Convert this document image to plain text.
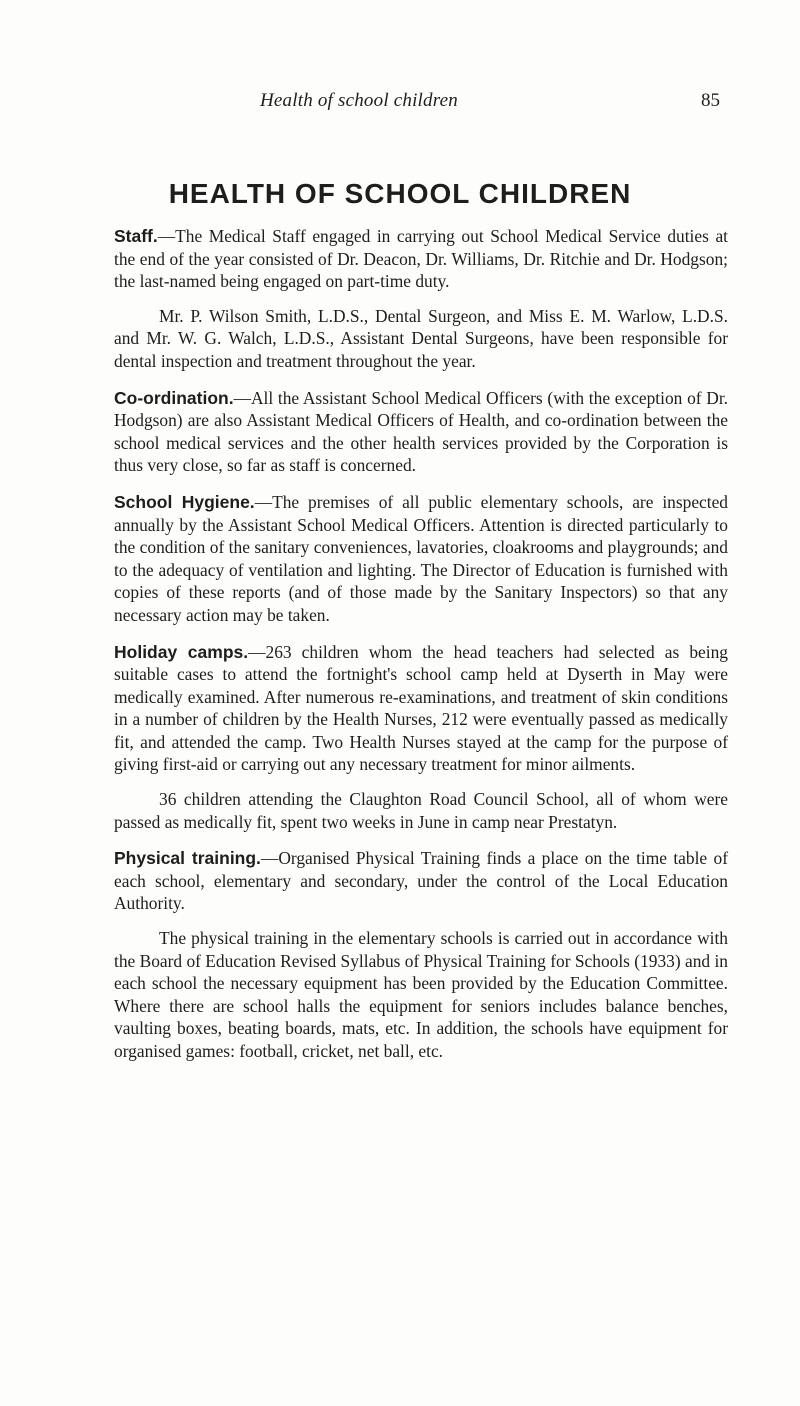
Health of school children	85
HEALTH OF SCHOOL CHILDREN

Staff.—The Medical Staff engaged in carrying out School Medical Service duties at the end of the year consisted of Dr. Deacon, Dr. Williams, Dr. Ritchie and Dr. Hodgson; the last-named being engaged on part-time duty.

Mr. P. Wilson Smith, L.D.S., Dental Surgeon, and Miss E. M. Warlow, L.D.S. and Mr. W. G. Walch, L.D.S., Assistant Dental Surgeons, have been responsible for dental inspection and treatment throughout the year.

Co-ordination.—All the Assistant School Medical Officers (with the exception of Dr. Hodgson) are also Assistant Medical Officers of Health, and co-ordination between the school medical services and the other health services provided by the Corporation is thus very close, so far as staff is concerned.

School Hygiene.—The premises of all public elementary schools, are inspected annually by the Assistant School Medical Officers. Attention is directed particularly to the condition of the sanitary conveniences, lavatories, cloakrooms and playgrounds; and to the adequacy of ventilation and lighting. The Director of Education is furnished with copies of these reports (and of those made by the Sanitary Inspectors) so that any necessary action may be taken.

Holiday camps.—263 children whom the head teachers had selected as being suitable cases to attend the fortnight's school camp held at Dyserth in May were medically examined. After numerous re-examinations, and treatment of skin conditions in a number of children by the Health Nurses, 212 were eventually passed as medically fit, and attended the camp. Two Health Nurses stayed at the camp for the purpose of giving first-aid or carrying out any necessary treatment for minor ailments.

36 children attending the Claughton Road Council School, all of whom were passed as medically fit, spent two weeks in June in camp near Prestatyn.

Physical training.—Organised Physical Training finds a place on the time table of each school, elementary and secondary, under the control of the Local Education Authority.

The physical training in the elementary schools is carried out in accordance with the Board of Education Revised Syllabus of Physical Training for Schools (1933) and in each school the necessary equipment has been provided by the Education Committee. Where there are school halls the equipment for seniors includes balance benches, vaulting boxes, beating boards, mats, etc. In addition, the schools have equipment for organised games: football, cricket, net ball, etc.
